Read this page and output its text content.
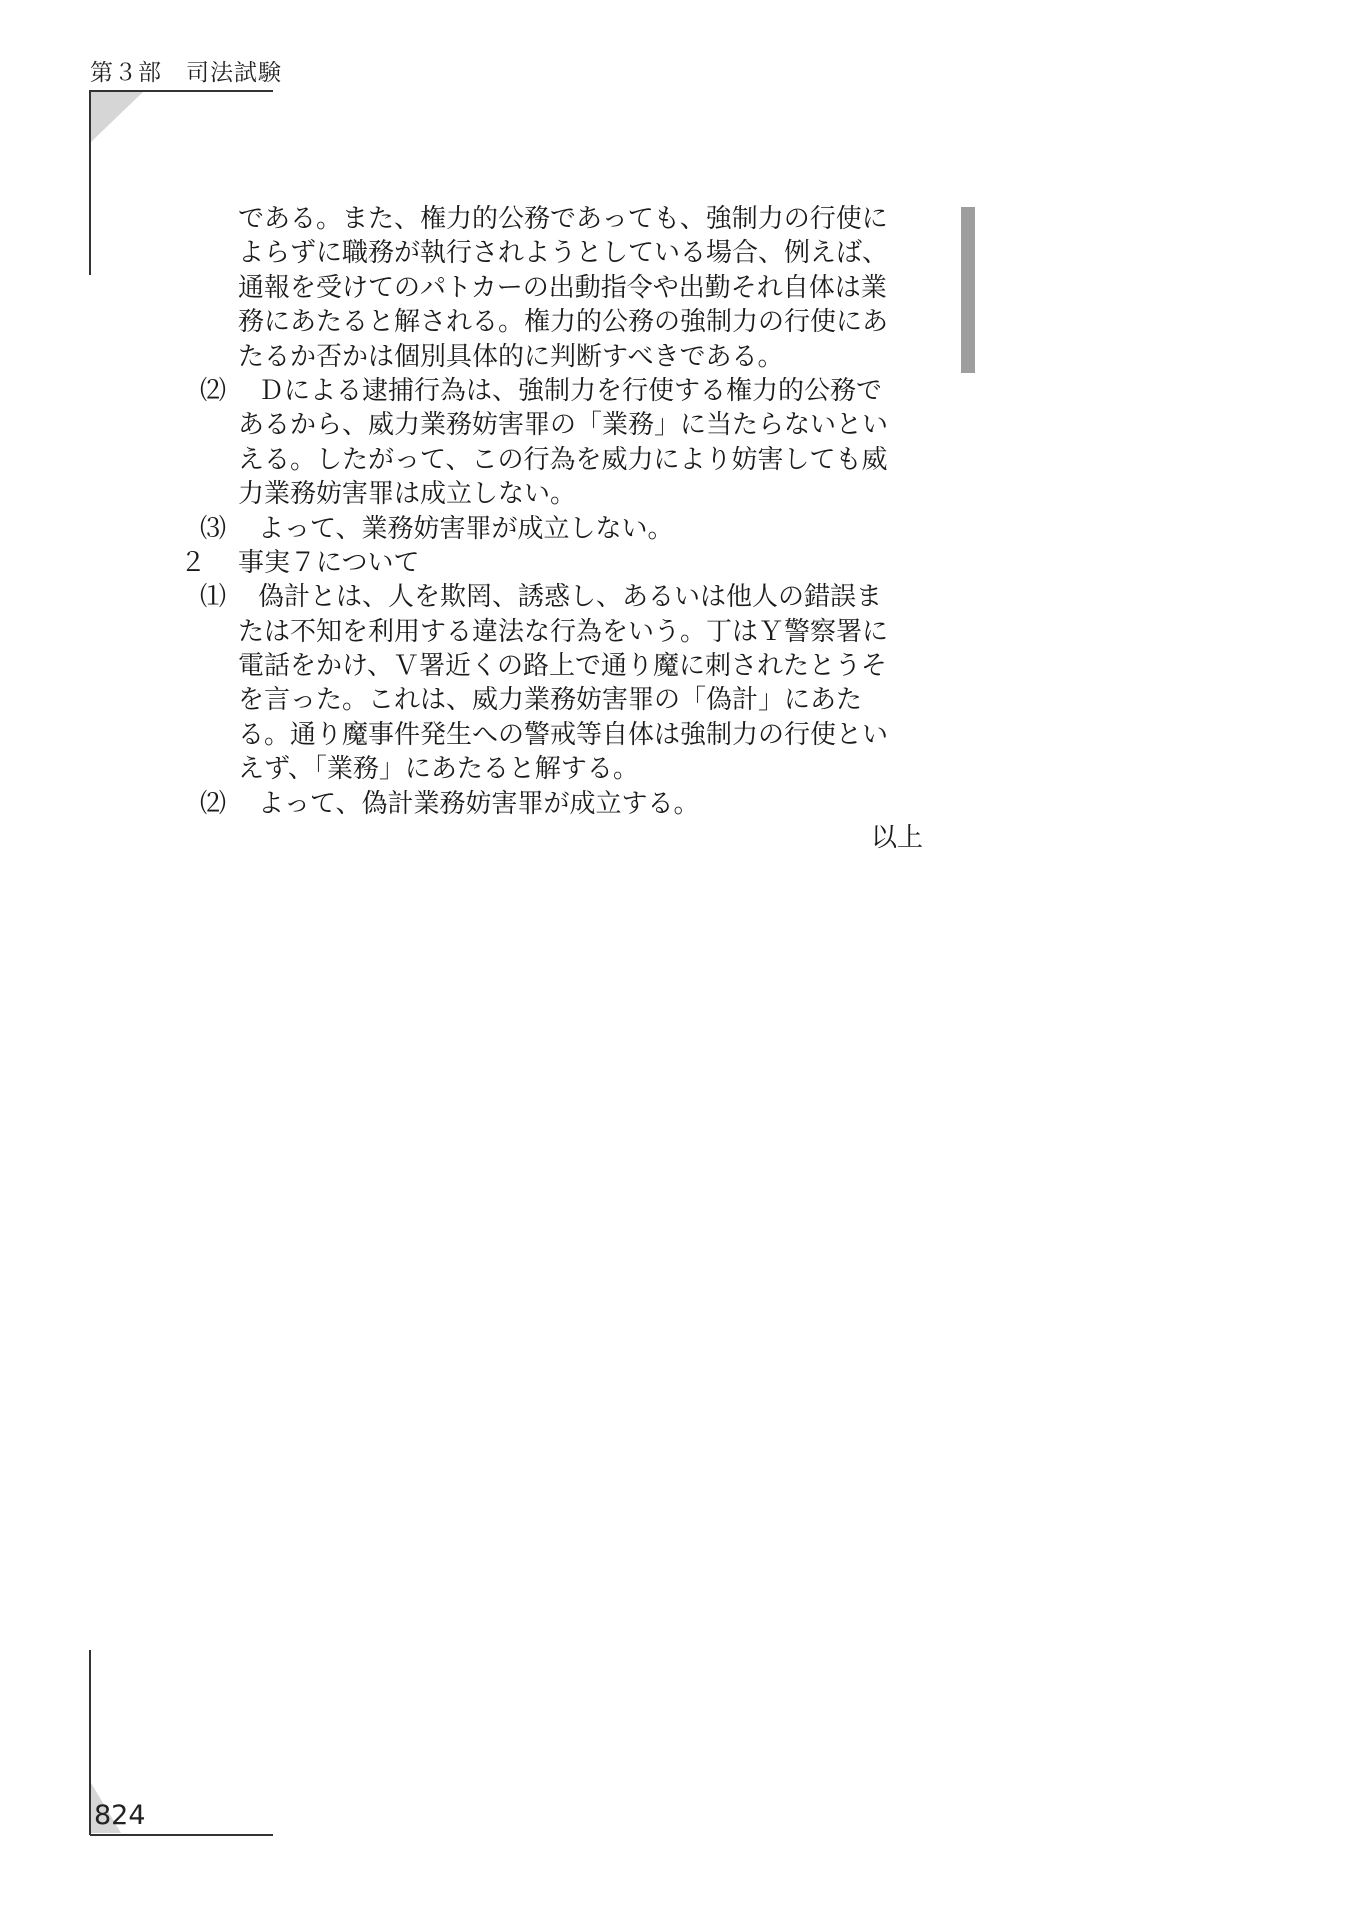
第３部　司法試験
である。また、権力的公務であっても、強制力の行使に
よらずに職務が執行されようとしている場合、例えば、
通報を受けてのパトカーの出動指令や出勤それ自体は業
務にあたると解される。権力的公務の強制力の行使にあ
たるか否かは個別具体的に判断すべきである。
⑵ Ｄによる逮捕行為は、強制力を行使する権力的公務で
あるから、威力業務妨害罪の「業務」に当たらないとい
える。したがって、この行為を威力により妨害しても威
力業務妨害罪は成立しない。
⑶ よって、業務妨害罪が成立しない。
２ 事実７について
⑴ 偽計とは、人を欺罔、誘惑し、あるいは他人の錯誤ま
たは不知を利用する違法な行為をいう。丁はＹ警察署に
電話をかけ、Ｖ署近くの路上で通り魔に刺されたとうそ
を言った。これは、威力業務妨害罪の「偽計」にあた
る。通り魔事件発生への警戒等自体は強制力の行使とい
えず、「業務」にあたると解する。
⑵ よって、偽計業務妨害罪が成立する。
以上
824
